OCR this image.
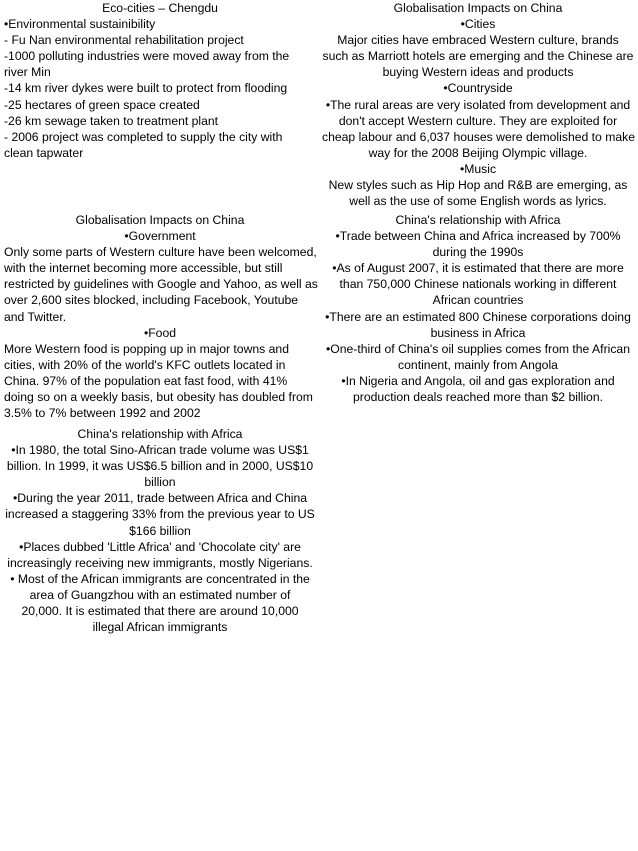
Eco-cities – Chengdu
•Environmental sustainibility
- Fu Nan environmental rehabilitation project
-1000 polluting industries were moved away from the
river Min
-14 km river dykes were built to protect from flooding
-25 hectares of green space created
-26 km sewage taken to treatment plant
- 2006 project was completed to supply the city with
clean tapwater
Globalisation Impacts on China
•Cities
Major cities have embraced Western culture, brands
such as Marriott hotels are emerging and the Chinese are
buying Western ideas and products
•Countryside
•The rural areas are very isolated from development and
don't accept Western culture. They are exploited for
cheap labour and 6,037 houses were demolished to make
way for the 2008 Beijing Olympic village.
•Music
New styles such as Hip Hop and R&B are emerging, as
well as the use of some English words as lyrics.
Globalisation Impacts on China
•Government
Only some parts of Western culture have been welcomed,
with the internet becoming more accessible, but still
restricted by guidelines with Google and Yahoo, as well as
over 2,600 sites blocked, including Facebook, Youtube
and Twitter.
•Food
More Western food is popping up in major towns and
cities, with 20% of the world's KFC outlets located in
China. 97% of the population eat fast food, with 41%
doing so on a weekly basis, but obesity has doubled from
3.5% to 7% between 1992 and 2002
China's relationship with Africa
•Trade between China and Africa increased by 700%
during the 1990s
•As of August 2007, it is estimated that there are more
than 750,000 Chinese nationals working in different
African countries
•There are an estimated 800 Chinese corporations doing
business in Africa
•One-third of China's oil supplies comes from the African
continent, mainly from Angola
•In Nigeria and Angola, oil and gas exploration and
production deals reached more than $2 billion.
China's relationship with Africa
•In 1980, the total Sino-African trade volume was US$1
billion. In 1999, it was US$6.5 billion and in 2000, US$10
billion
•During the year 2011, trade between Africa and China
increased a staggering 33% from the previous year to US
$166 billion
•Places dubbed 'Little Africa' and 'Chocolate city' are
increasingly receiving new immigrants, mostly Nigerians.
• Most of the African immigrants are concentrated in the
area of Guangzhou with an estimated number of
20,000. It is estimated that there are around 10,000
illegal African immigrants
